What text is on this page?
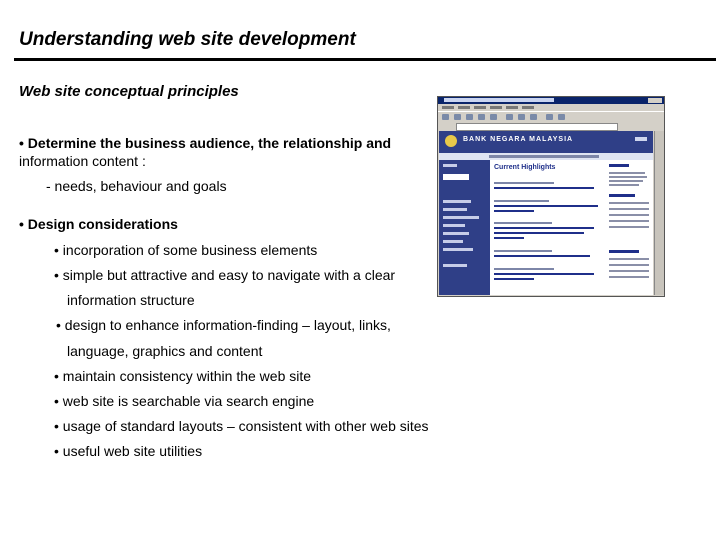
Understanding web site development
Web site conceptual principles
• Determine the business audience, the relationship and
information content :
- needs, behaviour and goals
• Design considerations
• incorporation of some business elements
• simple but attractive and easy to navigate with a clear
information structure
• design to enhance information-finding – layout, links,
language, graphics and content
• maintain consistency within the web site
• web site is searchable via search engine
• usage of standard layouts – consistent with other web sites
• useful web site utilities
BANK NEGARA MALAYSIA
Current Highlights
